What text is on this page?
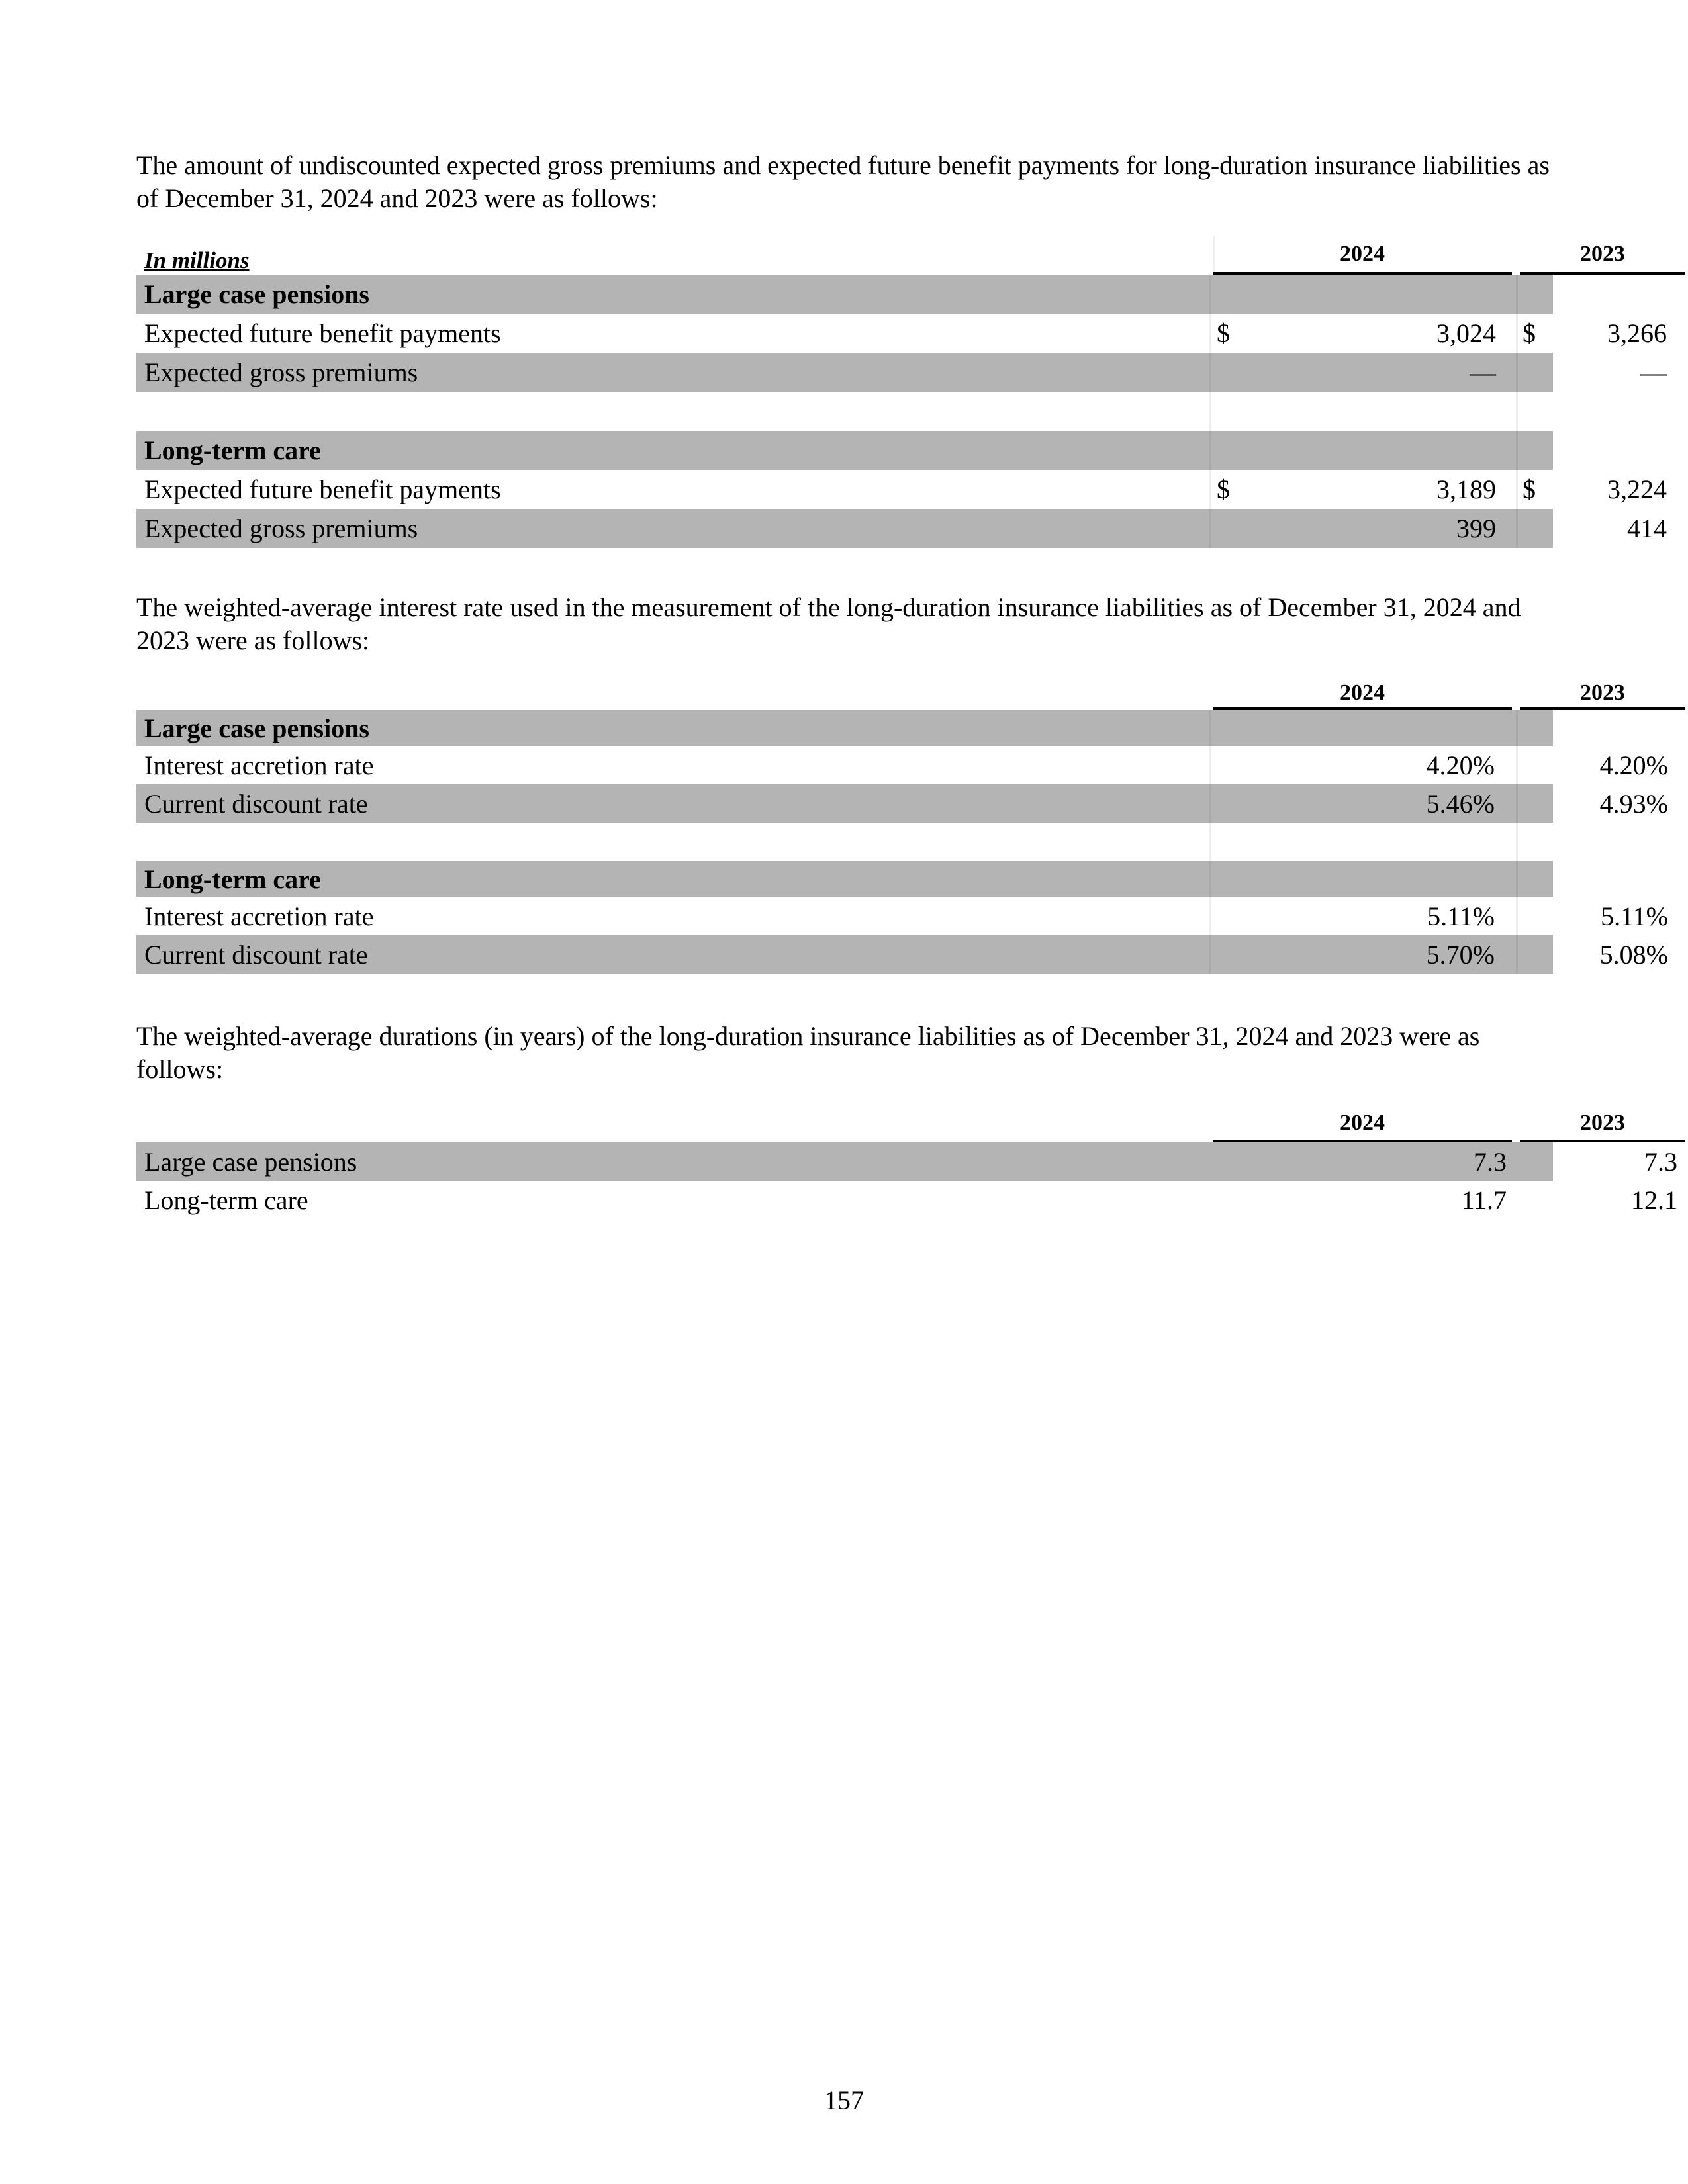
The amount of undiscounted expected gross premiums and expected future benefit payments for long-duration insurance liabilities as of December 31, 2024 and 2023 were as follows:

In millions	2024	2023
Large case pensions
Expected future benefit payments	$	3,024 $	3,266
Expected gross premiums	—	—
Long-term care
Expected future benefit payments	$	3,189 $	3,224
Expected gross premiums	399	414

The weighted-average interest rate used in the measurement of the long-duration insurance liabilities as of December 31, 2024 and 2023 were as follows:

2024	2023
Large case pensions
Interest accretion rate	4.20%	4.20%
Current discount rate	5.46%	4.93%
Long-term care
Interest accretion rate	5.11%	5.11%
Current discount rate	5.70%	5.08%

The weighted-average durations (in years) of the long-duration insurance liabilities as of December 31, 2024 and 2023 were as follows:

2024	2023
Large case pensions	7.3	7.3
Long-term care	11.7	12.1
157
